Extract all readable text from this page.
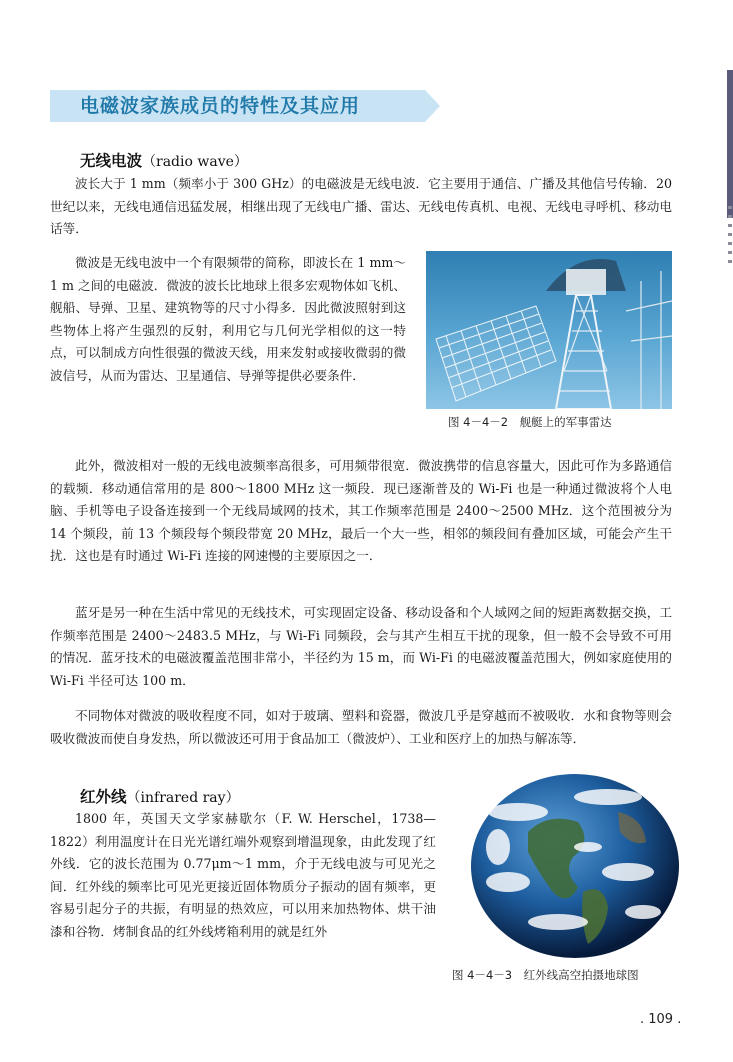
电磁波家族成员的特性及其应用
无线电波（radio wave）

波长大于 1 mm（频率小于 300 GHz）的电磁波是无线电波．它主要用于通信、广播及其他信号传输．20 世纪以来，无线电通信迅猛发展，相继出现了无线电广播、雷达、无线电传真机、电视、无线电寻呼机、移动电话等．

微波是无线电波中一个有限频带的简称，即波长在 1 mm～1 m 之间的电磁波．微波的波长比地球上很多宏观物体如飞机、舰船、导弹、卫星、建筑物等的尺寸小得多．因此微波照射到这些物体上将产生强烈的反射，利用它与几何光学相似的这一特点，可以制成方向性很强的微波天线，用来发射或接收微弱的微波信号，从而为雷达、卫星通信、导弹等提供必要条件．

图 4－4－2　舰艇上的军事雷达

此外，微波相对一般的无线电波频率高很多，可用频带很宽．微波携带的信息容量大，因此可作为多路通信的载频．移动通信常用的是 800～1800 MHz 这一频段．现已逐渐普及的 Wi-Fi 也是一种通过微波将个人电脑、手机等电子设备连接到一个无线局域网的技术，其工作频率范围是 2400～2500 MHz．这个范围被分为 14 个频段，前 13 个频段每个频段带宽 20 MHz，最后一个大一些，相邻的频段间有叠加区域，可能会产生干扰．这也是有时通过 Wi-Fi 连接的网速慢的主要原因之一．

蓝牙是另一种在生活中常见的无线技术，可实现固定设备、移动设备和个人域网之间的短距离数据交换，工作频率范围是 2400～2483.5 MHz，与 Wi-Fi 同频段，会与其产生相互干扰的现象，但一般不会导致不可用的情况．蓝牙技术的电磁波覆盖范围非常小，半径约为 15 m，而 Wi-Fi 的电磁波覆盖范围大，例如家庭使用的 Wi-Fi 半径可达 100 m．

不同物体对微波的吸收程度不同，如对于玻璃、塑料和瓷器，微波几乎是穿越而不被吸收．水和食物等则会吸收微波而使自身发热，所以微波还可用于食品加工（微波炉）、工业和医疗上的加热与解冻等．

红外线（infrared ray）

1800 年，英国天文学家赫歇尔（F. W. Herschel，1738—1822）利用温度计在日光光谱红端外观察到增温现象，由此发现了红外线．它的波长范围为 0.77μm～1 mm，介于无线电波与可见光之间．红外线的频率比可见光更接近固体物质分子振动的固有频率，更容易引起分子的共振，有明显的热效应，可以用来加热物体、烘干油漆和谷物．烤制食品的红外线烤箱利用的就是红外

图 4－4－3　红外线高空拍摄地球图
. 109 .
